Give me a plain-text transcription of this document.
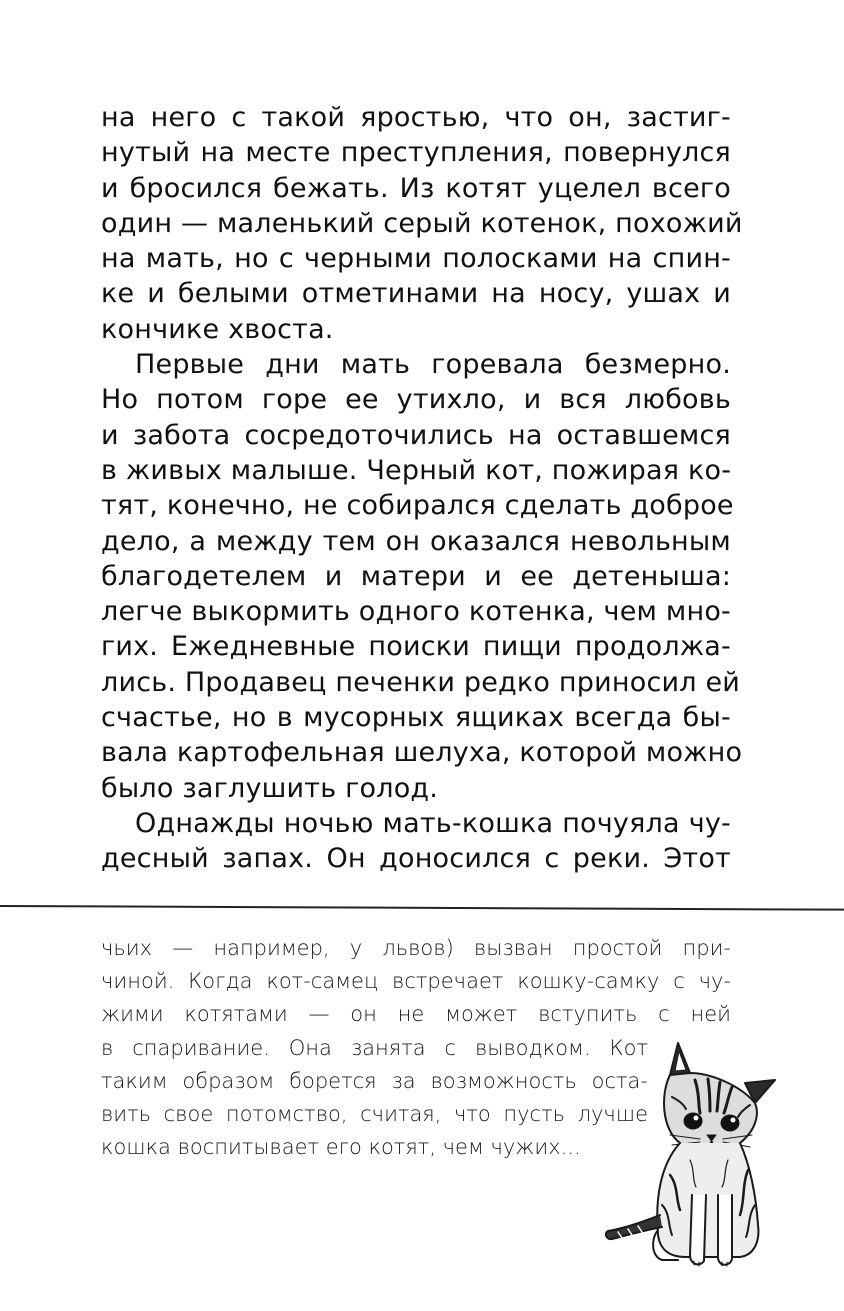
на него с такой яростью, что он, застиг-
нутый на месте преступления, повернулся
и бросился бежать. Из котят уцелел всего
один — маленький серый котенок, похожий
на мать, но с черными полосками на спин-
ке и белыми отметинами на носу, ушах и
кончике хвоста.
Первые дни мать горевала безмерно.
Но потом горе ее утихло, и вся любовь
и забота сосредоточились на оставшемся
в живых малыше. Черный кот, пожирая ко-
тят, конечно, не собирался сделать доброе
дело, а между тем он оказался невольным
благодетелем и матери и ее детеныша:
легче выкормить одного котенка, чем мно-
гих. Ежедневные поиски пищи продолжа-
лись. Продавец печенки редко приносил ей
счастье, но в мусорных ящиках всегда бы-
вала картофельная шелуха, которой можно
было заглушить голод.
Однажды ночью мать-кошка почуяла чу-
десный запах. Он доносился с реки. Этот
чьих — например, у львов) вызван простой при-
чиной. Когда кот-самец встречает кошку-самку с чу-
жими котятами — он не может вступить с ней
в спаривание. Она занята с выводком. Кот
таким образом борется за возможность оста-
вить свое потомство, считая, что пусть лучше
кошка воспитывает его котят, чем чужих...
